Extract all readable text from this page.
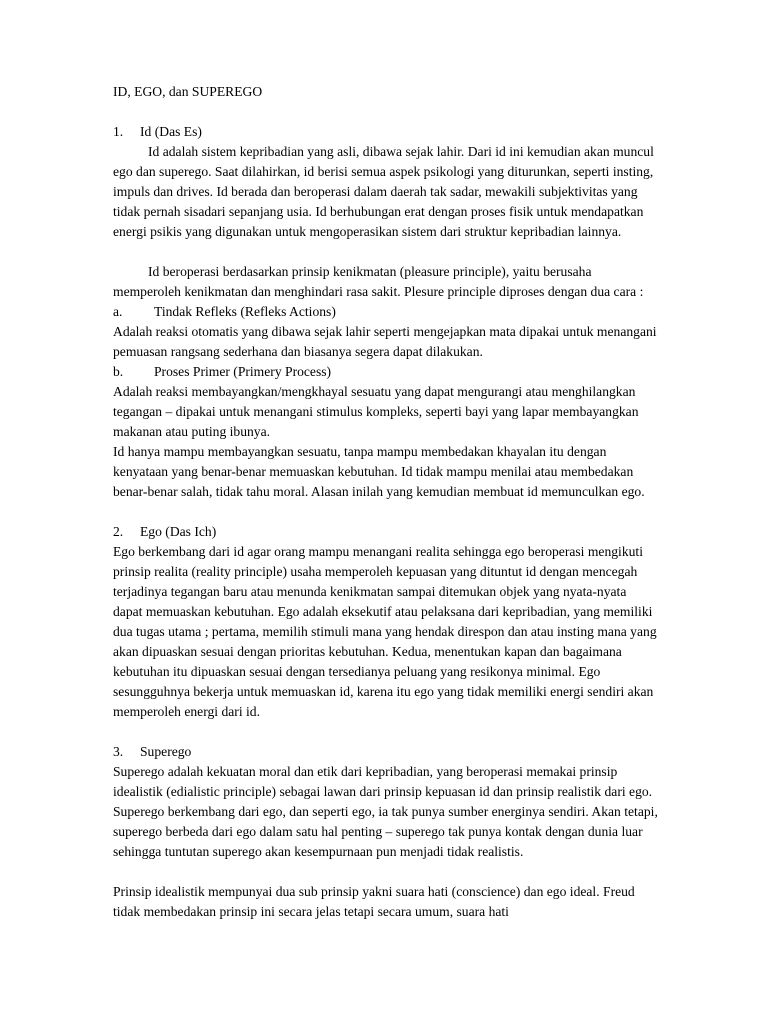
ID, EGO, dan SUPEREGO
1. Id (Das Es)

Id adalah sistem kepribadian yang asli, dibawa sejak lahir. Dari id ini kemudian akan muncul ego dan superego. Saat dilahirkan, id berisi semua aspek psikologi yang diturunkan, seperti insting, impuls dan drives. Id berada dan beroperasi dalam daerah tak sadar, mewakili subjektivitas yang tidak pernah sisadari sepanjang usia. Id berhubungan erat dengan proses fisik untuk mendapatkan energi psikis yang digunakan untuk mengoperasikan sistem dari struktur kepribadian lainnya.

Id beroperasi berdasarkan prinsip kenikmatan (pleasure principle), yaitu berusaha memperoleh kenikmatan dan menghindari rasa sakit. Plesure principle diproses dengan dua cara :

a. Tindak Refleks (Refleks Actions)

Adalah reaksi otomatis yang dibawa sejak lahir seperti mengejapkan mata dipakai untuk menangani pemuasan rangsang sederhana dan biasanya segera dapat dilakukan.

b. Proses Primer (Primery Process)

Adalah reaksi membayangkan/mengkhayal sesuatu yang dapat mengurangi atau menghilangkan tegangan – dipakai untuk menangani stimulus kompleks, seperti bayi yang lapar membayangkan makanan atau puting ibunya.

Id hanya mampu membayangkan sesuatu, tanpa mampu membedakan khayalan itu dengan kenyataan yang benar-benar memuaskan kebutuhan. Id tidak mampu menilai atau membedakan benar-benar salah, tidak tahu moral. Alasan inilah yang kemudian membuat id memunculkan ego.

2. Ego (Das Ich)

Ego berkembang dari id agar orang mampu menangani realita sehingga ego beroperasi mengikuti prinsip realita (reality principle) usaha memperoleh kepuasan yang dituntut id dengan mencegah terjadinya tegangan baru atau menunda kenikmatan sampai ditemukan objek yang nyata-nyata dapat memuaskan kebutuhan. Ego adalah eksekutif atau pelaksana dari kepribadian, yang memiliki dua tugas utama ; pertama, memilih stimuli mana yang hendak direspon dan atau insting mana yang akan dipuaskan sesuai dengan prioritas kebutuhan. Kedua, menentukan kapan dan bagaimana kebutuhan itu dipuaskan sesuai dengan tersedianya peluang yang resikonya minimal. Ego sesungguhnya bekerja untuk memuaskan id, karena itu ego yang tidak memiliki energi sendiri akan memperoleh energi dari id.

3. Superego

Superego adalah kekuatan moral dan etik dari kepribadian, yang beroperasi memakai prinsip idealistik (edialistic principle) sebagai lawan dari prinsip kepuasan id dan prinsip realistik dari ego. Superego berkembang dari ego, dan seperti ego, ia tak punya sumber energinya sendiri. Akan tetapi, superego berbeda dari ego dalam satu hal penting – superego tak punya kontak dengan dunia luar sehingga tuntutan superego akan kesempurnaan pun menjadi tidak realistis.

Prinsip idealistik mempunyai dua sub prinsip yakni suara hati (conscience) dan ego ideal. Freud tidak membedakan prinsip ini secara jelas tetapi secara umum, suara hati
